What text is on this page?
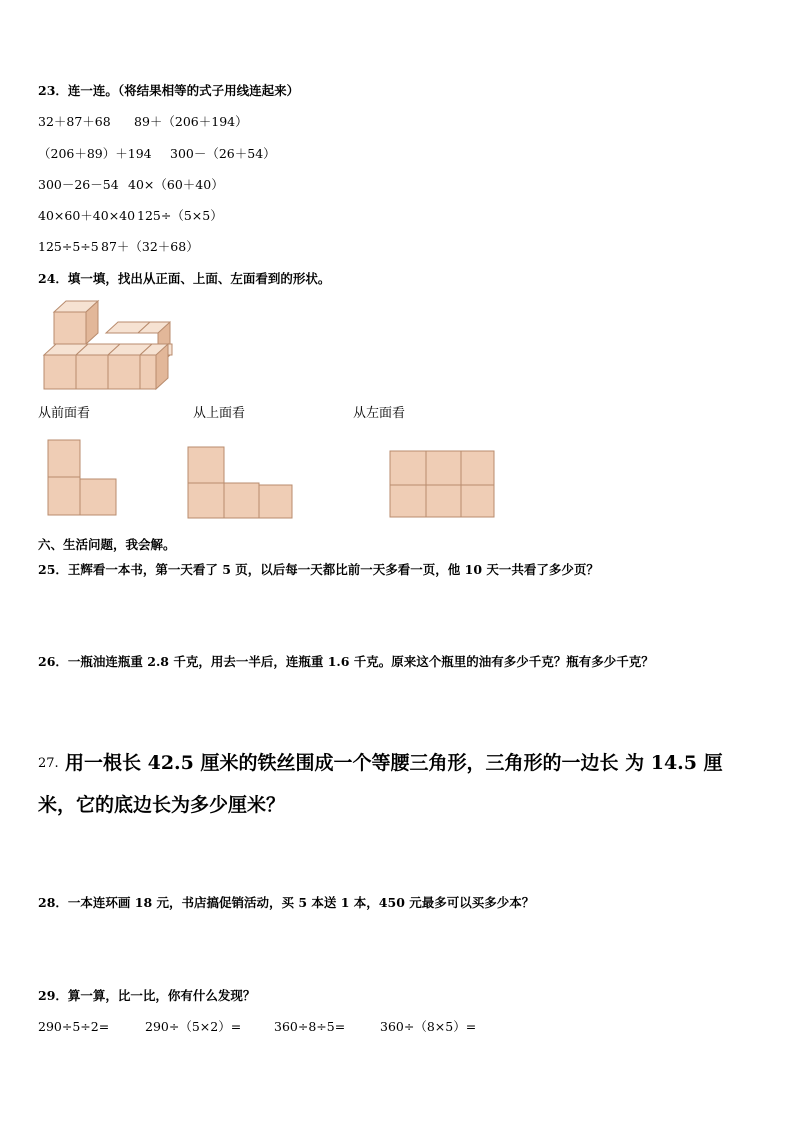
23．连一连。（将结果相等的式子用线连起来）
32＋87＋68 89＋（206＋194）
（206＋89）＋194 300－（26＋54）
300－26－54 40×（60＋40）
40×60＋40×40 125÷（5×5）
125÷5÷5 87＋（32＋68）
24．填一填，找出从正面、上面、左面看到的形状。
从前面看	从上面看	从左面看
六、生活问题，我会解。
25．王辉看一本书，第一天看了 5 页，以后每一天都比前一天多看一页，他 10 天一共看了多少页？
26．一瓶油连瓶重 2.8 千克，用去一半后，连瓶重 1.6 千克。原来这个瓶里的油有多少千克？瓶有多少千克？
27. 用一根长 42.5 厘米的铁丝围成一个等腰三角形，三角形的一边长 为 14.5 厘
米，它的底边长为多少厘米？
28．一本连环画 18 元，书店搞促销活动，买 5 本送 1 本，450 元最多可以买多少本？
29．算一算，比一比，你有什么发现？
290÷5÷2=	290÷（5×2）=	360÷8÷5=	360÷（8×5）=
